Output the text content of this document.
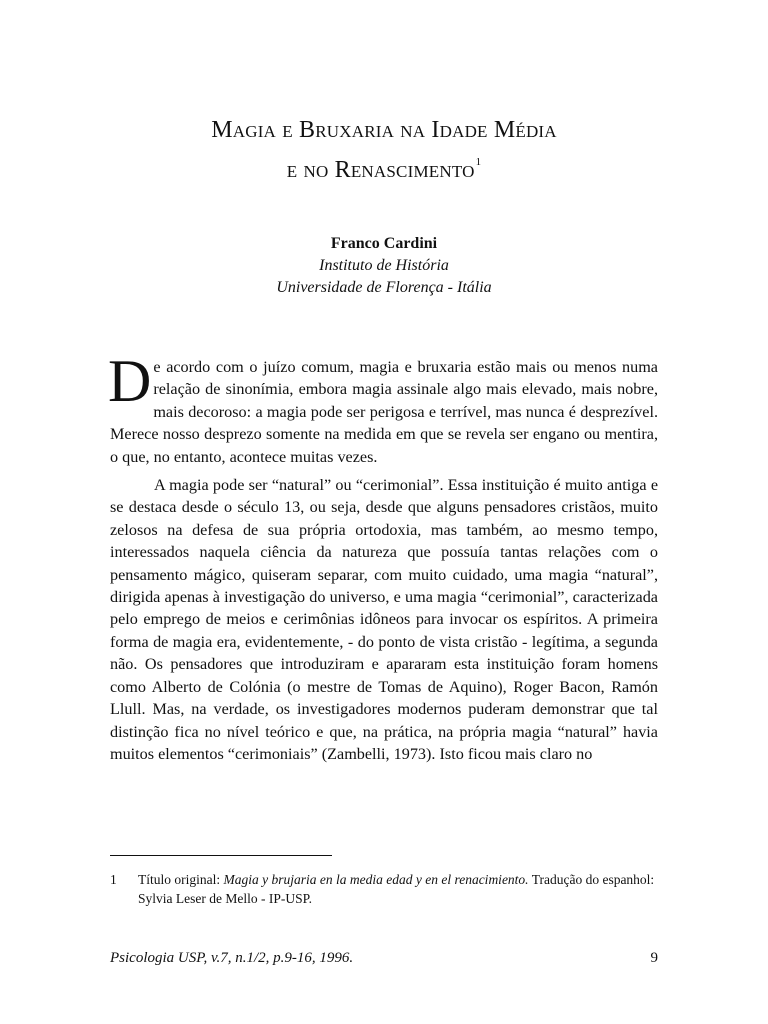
Magia e Bruxaria na Idade Média
e no Renascimento$^1$
Franco Cardini
Instituto de História
Universidade de Florença - Itália

De acordo com o juízo comum, magia e bruxaria estão mais ou menos numa relação de sinonímia, embora magia assinale algo mais elevado, mais nobre, mais decoroso: a magia pode ser perigosa e terrível, mas nunca é desprezível. Merece nosso desprezo somente na medida em que se revela ser engano ou mentira, o que, no entanto, acontece muitas vezes.

A magia pode ser “natural” ou “cerimonial”. Essa instituição é muito antiga e se destaca desde o século 13, ou seja, desde que alguns pensadores cristãos, muito zelosos na defesa de sua própria ortodoxia, mas também, ao mesmo tempo, interessados naquela ciência da natureza que possuía tantas relações com o pensamento mágico, quiseram separar, com muito cuidado, uma magia “natural”, dirigida apenas à investigação do universo, e uma magia “cerimonial”, caracterizada pelo emprego de meios e cerimônias idôneos para invocar os espíritos. A primeira forma de magia era, evidentemente, - do ponto de vista cristão - legítima, a segunda não. Os pensadores que introduziram e apararam esta instituição foram homens como Alberto de Colónia (o mestre de Tomas de Aquino), Roger Bacon, Ramón Llull. Mas, na verdade, os investigadores modernos puderam demonstrar que tal distinção fica no nível teórico e que, na prática, na própria magia “natural” havia muitos elementos “cerimoniais” (Zambelli, 1973). Isto ficou mais claro no

1 Título original: Magia y brujaria en la media edad y en el renacimiento. Tradução do espanhol: Sylvia Leser de Mello - IP-USP.
Psicologia USP, v.7, n.1/2, p.9-16, 1996.	9
